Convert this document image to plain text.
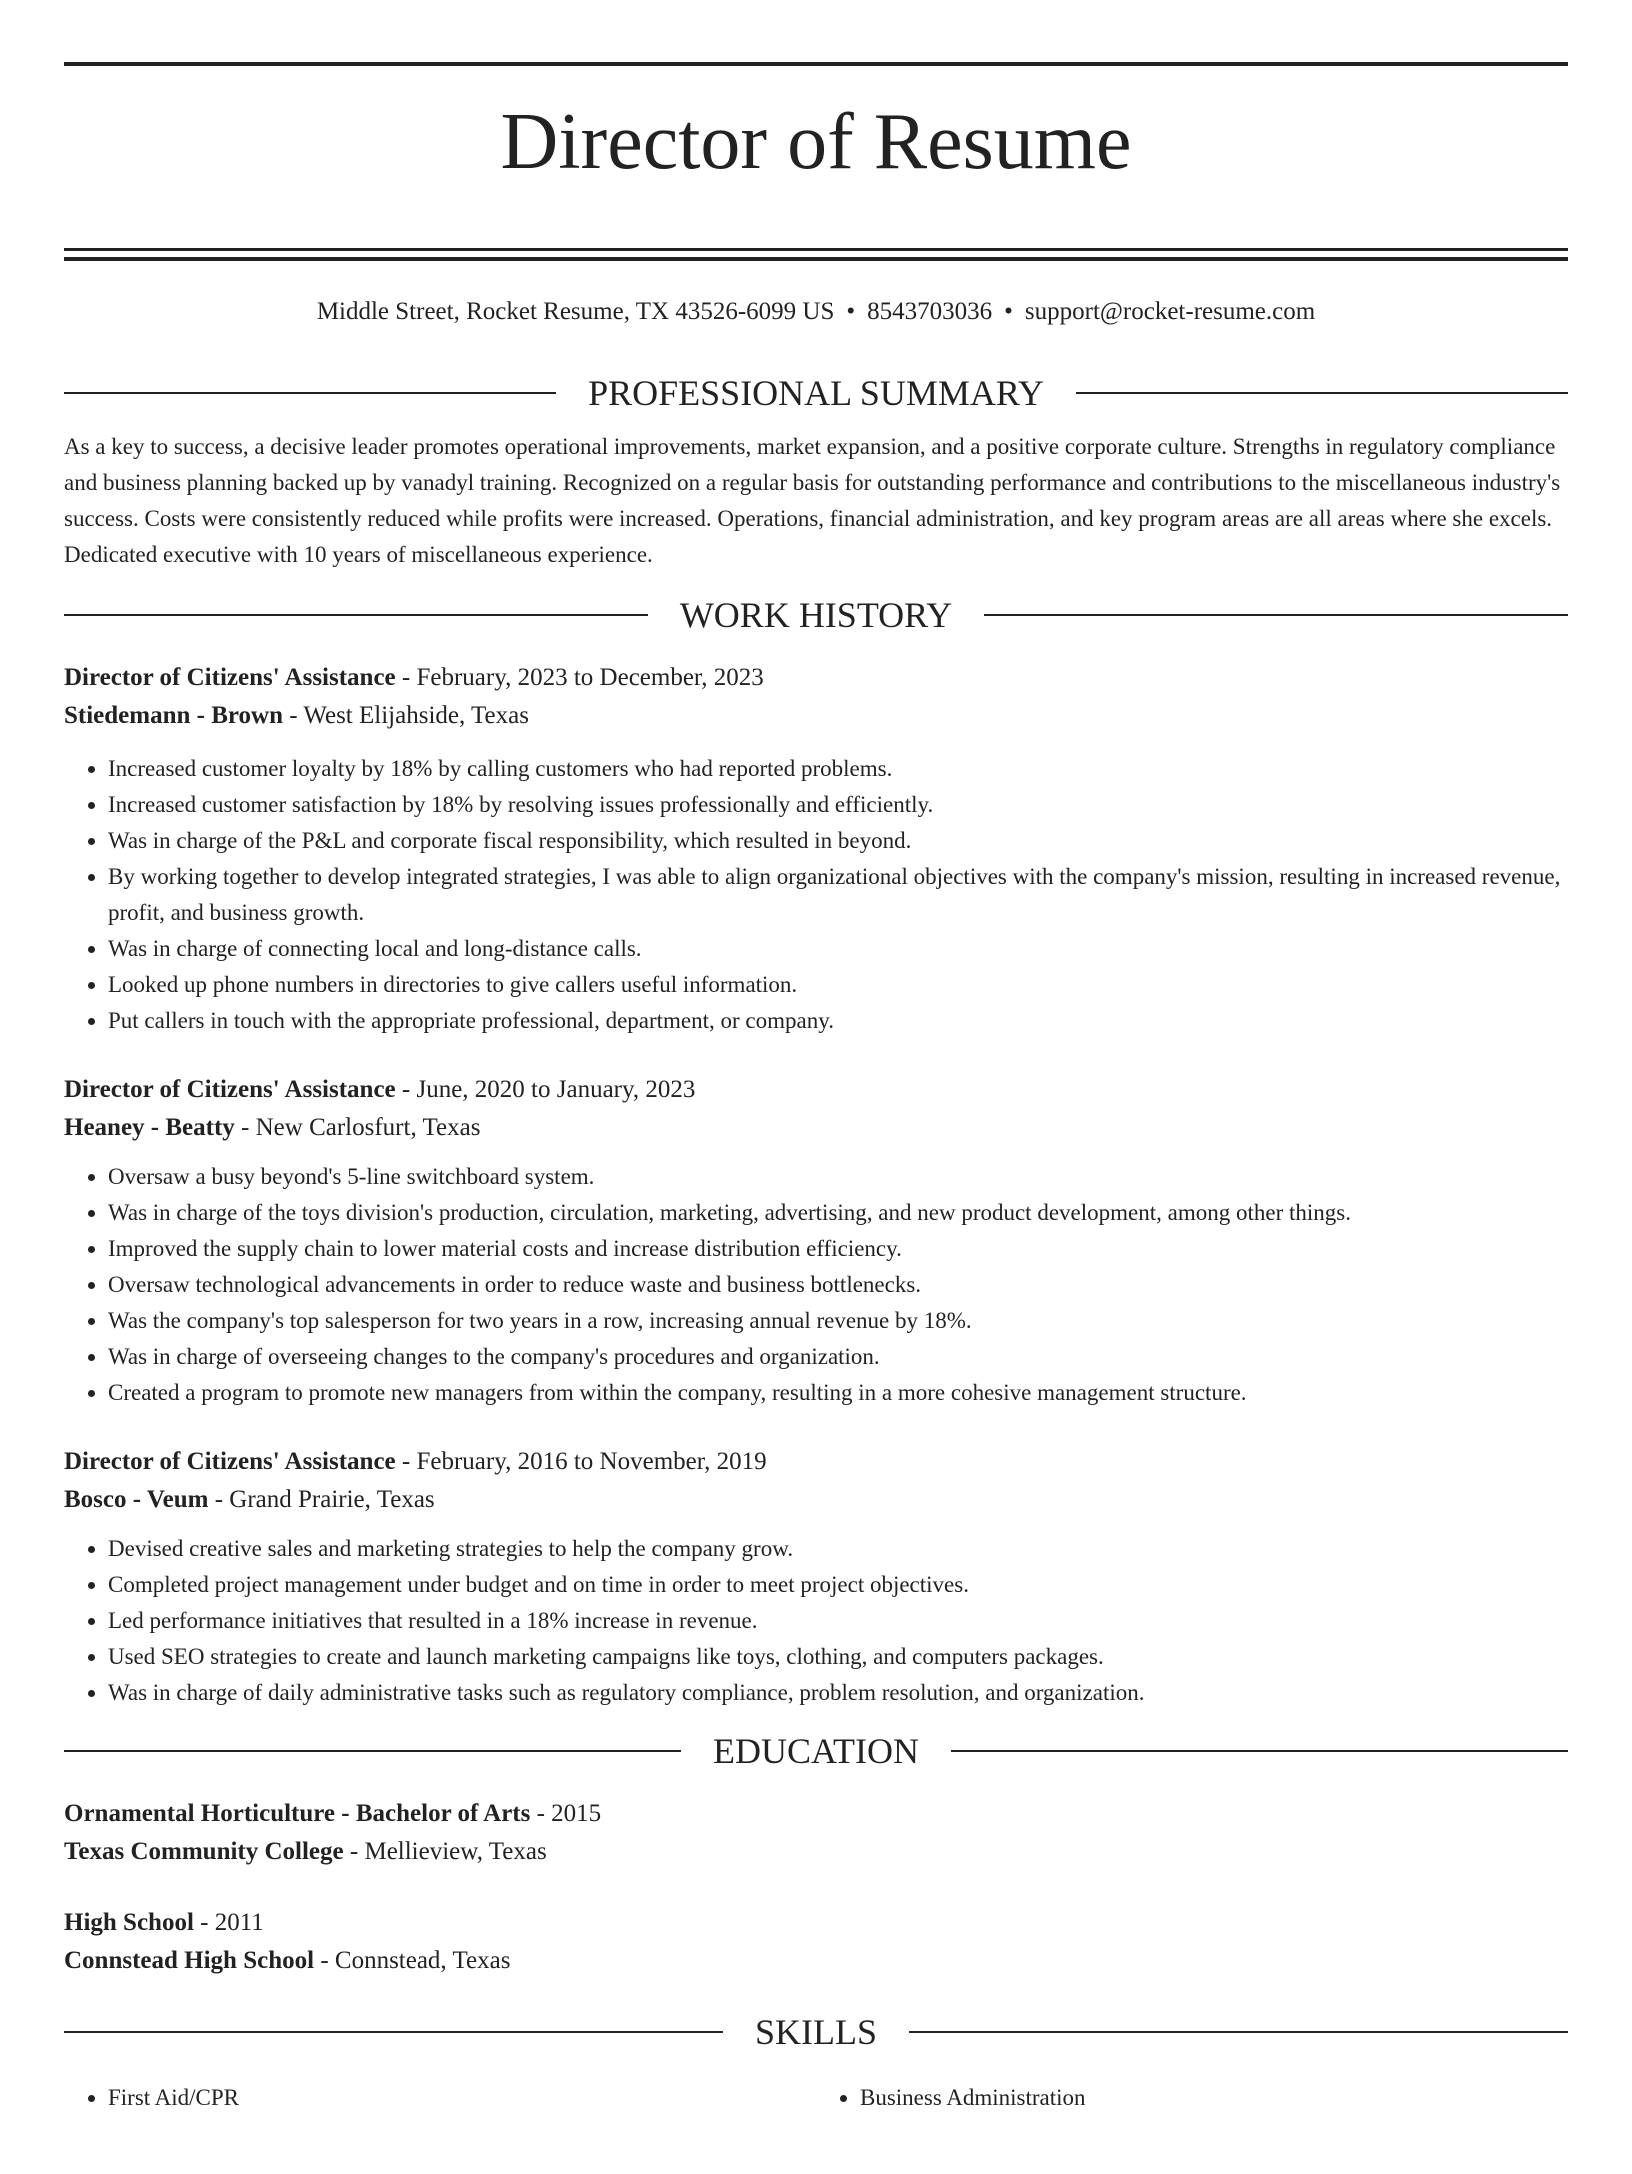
Director of Resume
Middle Street, Rocket Resume, TX 43526-6099 US • 8543703036 • support@rocket-resume.com
PROFESSIONAL SUMMARY

As a key to success, a decisive leader promotes operational improvements, market expansion, and a positive corporate culture. Strengths in regulatory compliance and business planning backed up by vanadyl training. Recognized on a regular basis for outstanding performance and contributions to the miscellaneous industry's success. Costs were consistently reduced while profits were increased. Operations, financial administration, and key program areas are all areas where she excels. Dedicated executive with 10 years of miscellaneous experience.

WORK HISTORY
Director of Citizens' Assistance - February, 2023 to December, 2023
Stiedemann - Brown - West Elijahside, Texas
• Increased customer loyalty by 18% by calling customers who had reported problems.
• Increased customer satisfaction by 18% by resolving issues professionally and efficiently.
• Was in charge of the P&L and corporate fiscal responsibility, which resulted in beyond.
• By working together to develop integrated strategies, I was able to align organizational objectives with the company's mission, resulting in increased revenue, profit, and business growth.
• Was in charge of connecting local and long-distance calls.
• Looked up phone numbers in directories to give callers useful information.
• Put callers in touch with the appropriate professional, department, or company.
Director of Citizens' Assistance - June, 2020 to January, 2023
Heaney - Beatty - New Carlosfurt, Texas
• Oversaw a busy beyond's 5-line switchboard system.
• Was in charge of the toys division's production, circulation, marketing, advertising, and new product development, among other things.
• Improved the supply chain to lower material costs and increase distribution efficiency.
• Oversaw technological advancements in order to reduce waste and business bottlenecks.
• Was the company's top salesperson for two years in a row, increasing annual revenue by 18%.
• Was in charge of overseeing changes to the company's procedures and organization.
• Created a program to promote new managers from within the company, resulting in a more cohesive management structure.
Director of Citizens' Assistance - February, 2016 to November, 2019
Bosco - Veum - Grand Prairie, Texas
• Devised creative sales and marketing strategies to help the company grow.
• Completed project management under budget and on time in order to meet project objectives.
• Led performance initiatives that resulted in a 18% increase in revenue.
• Used SEO strategies to create and launch marketing campaigns like toys, clothing, and computers packages.
• Was in charge of daily administrative tasks such as regulatory compliance, problem resolution, and organization.
EDUCATION
Ornamental Horticulture - Bachelor of Arts - 2015
Texas Community College - Mellieview, Texas
High School - 2011
Connstead High School - Connstead, Texas
SKILLS
• First Aid/CPR
•	Business Administration
